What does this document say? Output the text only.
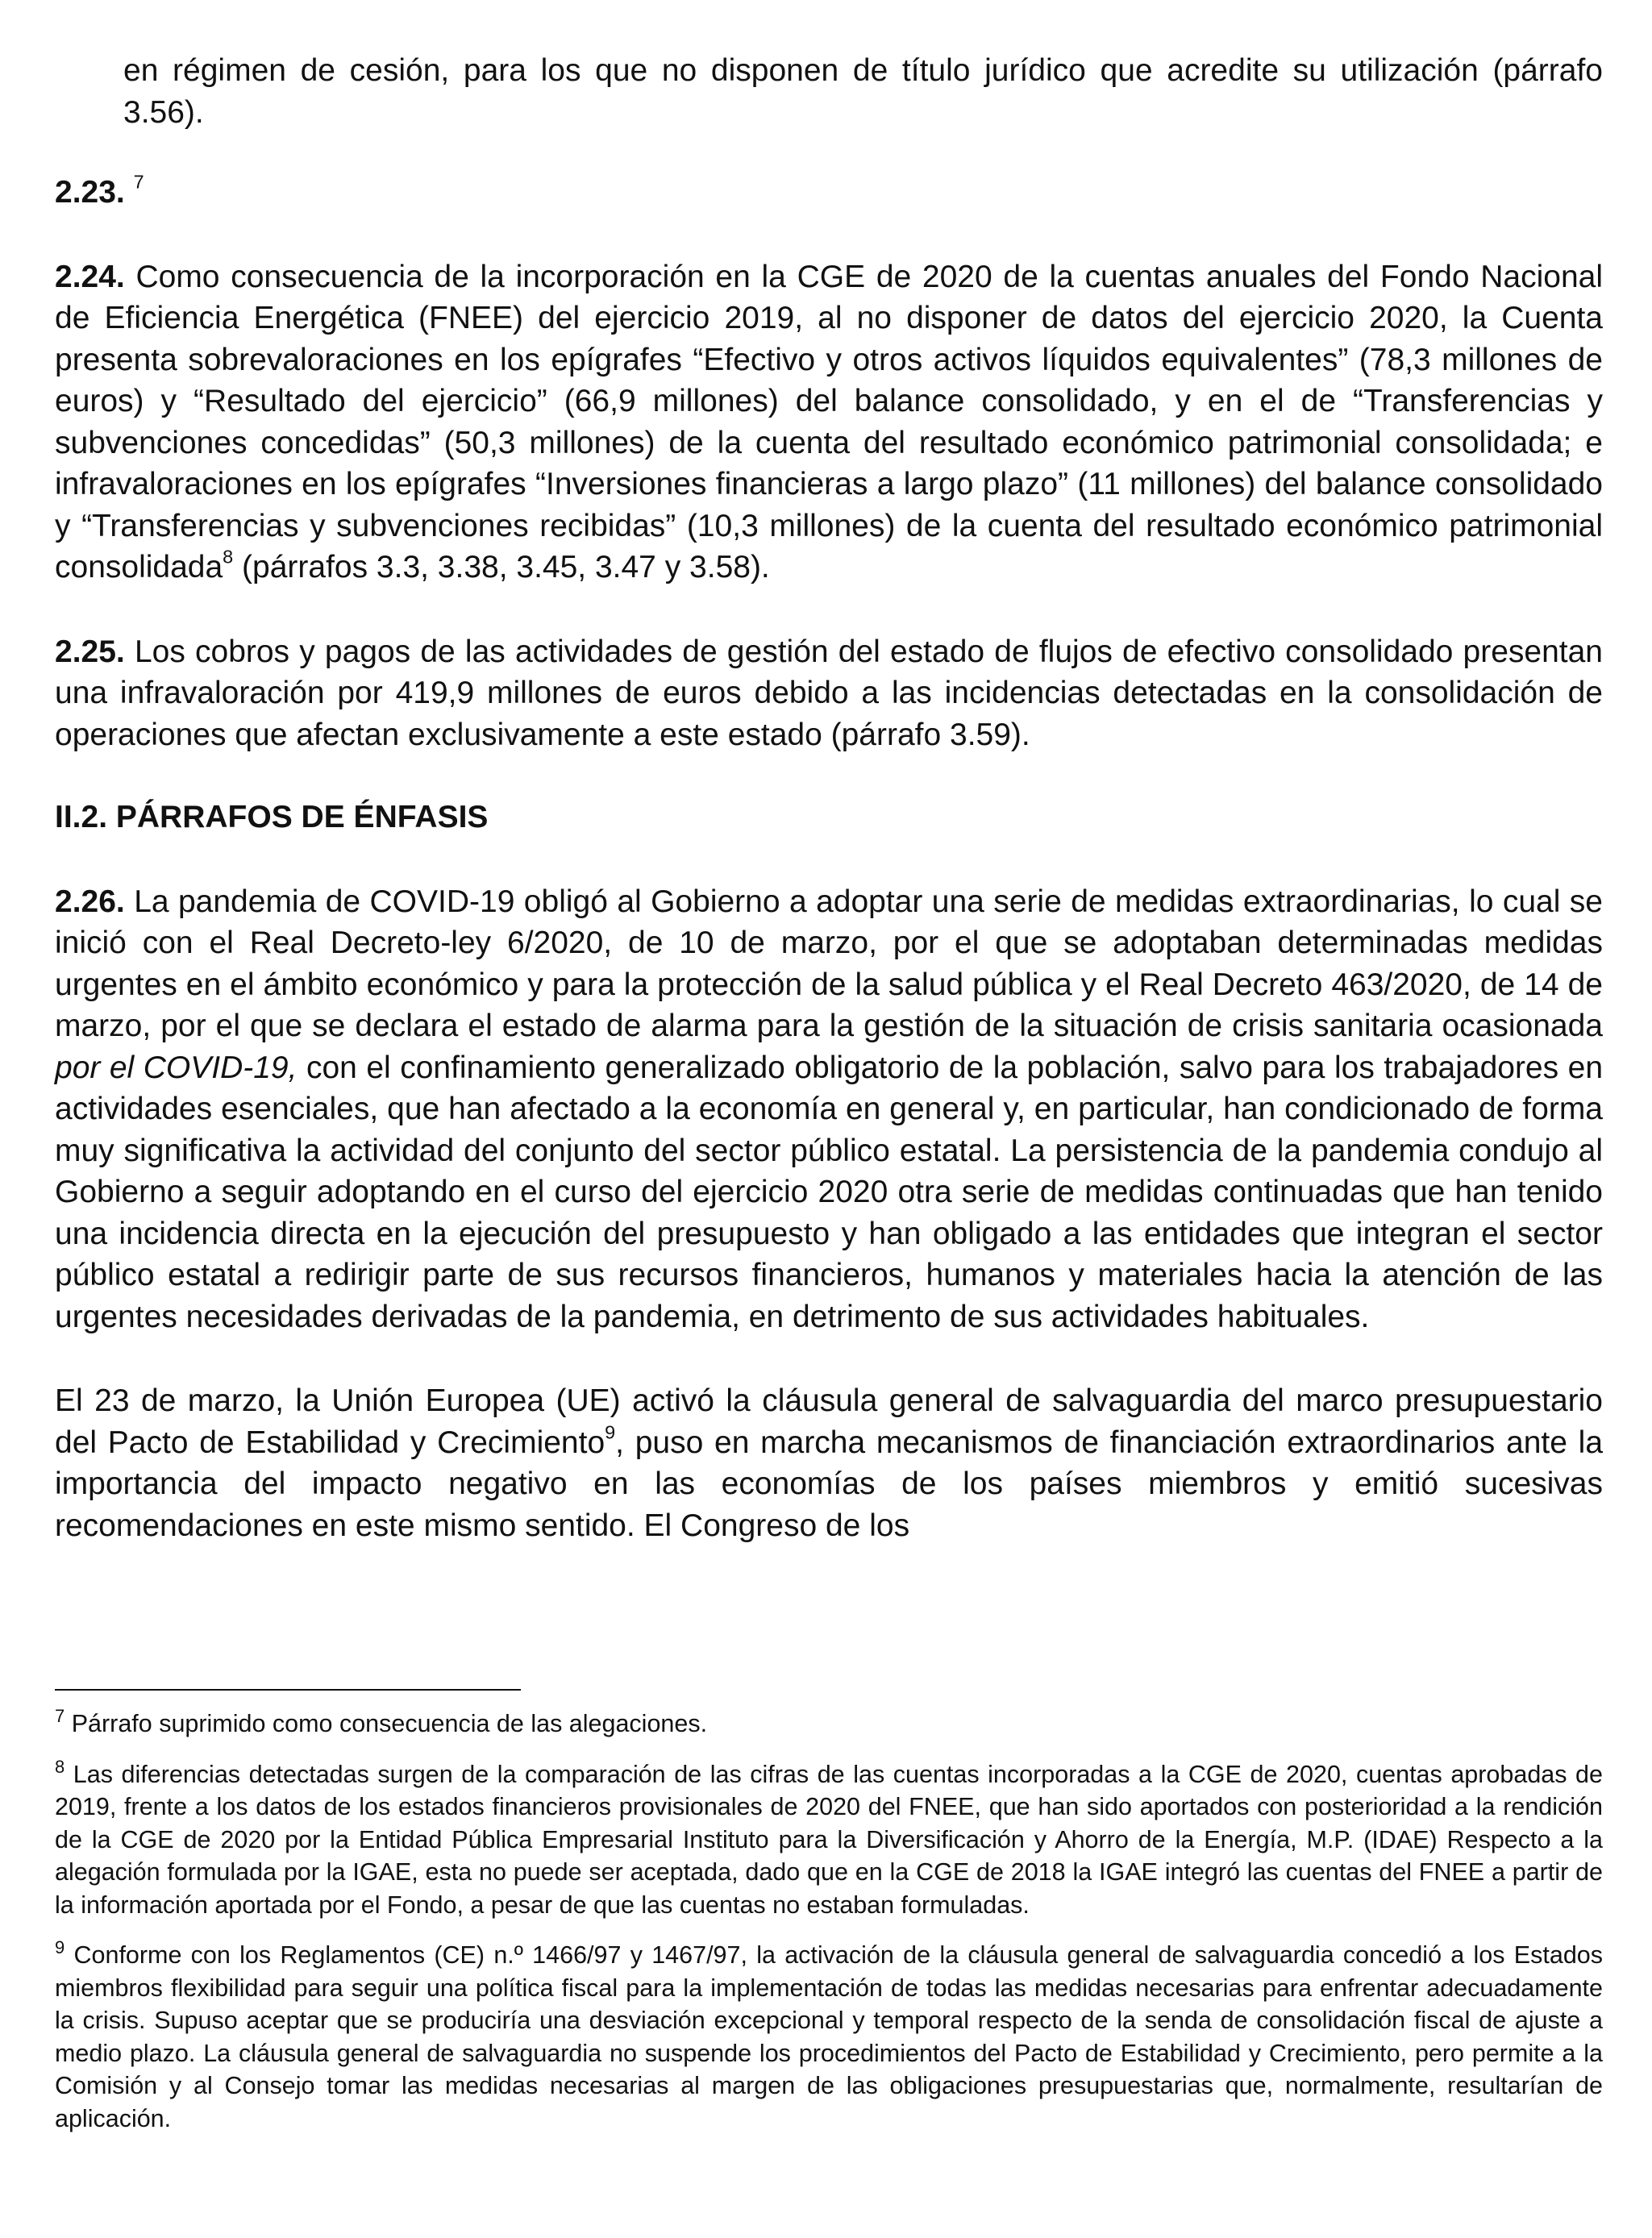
en régimen de cesión, para los que no disponen de título jurídico que acredite su utilización (párrafo 3.56).

2.23. $^7$

2.24. Como consecuencia de la incorporación en la CGE de 2020 de la cuentas anuales del Fondo Nacional de Eficiencia Energética (FNEE) del ejercicio 2019, al no disponer de datos del ejercicio 2020, la Cuenta presenta sobrevaloraciones en los epígrafes “Efectivo y otros activos líquidos equivalentes” (78,3 millones de euros) y “Resultado del ejercicio” (66,9 millones) del balance consolidado, y en el de “Transferencias y subvenciones concedidas” (50,3 millones) de la cuenta del resultado económico patrimonial consolidada; e infravaloraciones en los epígrafes “Inversiones financieras a largo plazo” (11 millones) del balance consolidado y “Transferencias y subvenciones recibidas” (10,3 millones) de la cuenta del resultado económico patrimonial consolidada$^8$ (párrafos 3.3, 3.38, 3.45, 3.47 y 3.58).

2.25. Los cobros y pagos de las actividades de gestión del estado de flujos de efectivo consolidado presentan una infravaloración por 419,9 millones de euros debido a las incidencias detectadas en la consolidación de operaciones que afectan exclusivamente a este estado (párrafo 3.59).

II.2. PÁRRAFOS DE ÉNFASIS

2.26. La pandemia de COVID-19 obligó al Gobierno a adoptar una serie de medidas extraordinarias, lo cual se inició con el Real Decreto-ley 6/2020, de 10 de marzo, por el que se adoptaban determinadas medidas urgentes en el ámbito económico y para la protección de la salud pública y el Real Decreto 463/2020, de 14 de marzo, por el que se declara el estado de alarma para la gestión de la situación de crisis sanitaria ocasionada por el COVID-19, con el confinamiento generalizado obligatorio de la población, salvo para los trabajadores en actividades esenciales, que han afectado a la economía en general y, en particular, han condicionado de forma muy significativa la actividad del conjunto del sector público estatal. La persistencia de la pandemia condujo al Gobierno a seguir adoptando en el curso del ejercicio 2020 otra serie de medidas continuadas que han tenido una incidencia directa en la ejecución del presupuesto y han obligado a las entidades que integran el sector público estatal a redirigir parte de sus recursos financieros, humanos y materiales hacia la atención de las urgentes necesidades derivadas de la pandemia, en detrimento de sus actividades habituales.

El 23 de marzo, la Unión Europea (UE) activó la cláusula general de salvaguardia del marco presupuestario del Pacto de Estabilidad y Crecimiento$^9$, puso en marcha mecanismos de financiación extraordinarios ante la importancia del impacto negativo en las economías de los países miembros y emitió sucesivas recomendaciones en este mismo sentido. El Congreso de los

$^7$ Párrafo suprimido como consecuencia de las alegaciones.

$^8$ Las diferencias detectadas surgen de la comparación de las cifras de las cuentas incorporadas a la CGE de 2020, cuentas aprobadas de 2019, frente a los datos de los estados financieros provisionales de 2020 del FNEE, que han sido aportados con posterioridad a la rendición de la CGE de 2020 por la Entidad Pública Empresarial Instituto para la Diversificación y Ahorro de la Energía, M.P. (IDAE) Respecto a la alegación formulada por la IGAE, esta no puede ser aceptada, dado que en la CGE de 2018 la IGAE integró las cuentas del FNEE a partir de la información aportada por el Fondo, a pesar de que las cuentas no estaban formuladas.

$^9$ Conforme con los Reglamentos (CE) n.º 1466/97 y 1467/97, la activación de la cláusula general de salvaguardia concedió a los Estados miembros flexibilidad para seguir una política fiscal para la implementación de todas las medidas necesarias para enfrentar adecuadamente la crisis. Supuso aceptar que se produciría una desviación excepcional y temporal respecto de la senda de consolidación fiscal de ajuste a medio plazo. La cláusula general de salvaguardia no suspende los procedimientos del Pacto de Estabilidad y Crecimiento, pero permite a la Comisión y al Consejo tomar las medidas necesarias al margen de las obligaciones presupuestarias que, normalmente, resultarían de aplicación.
